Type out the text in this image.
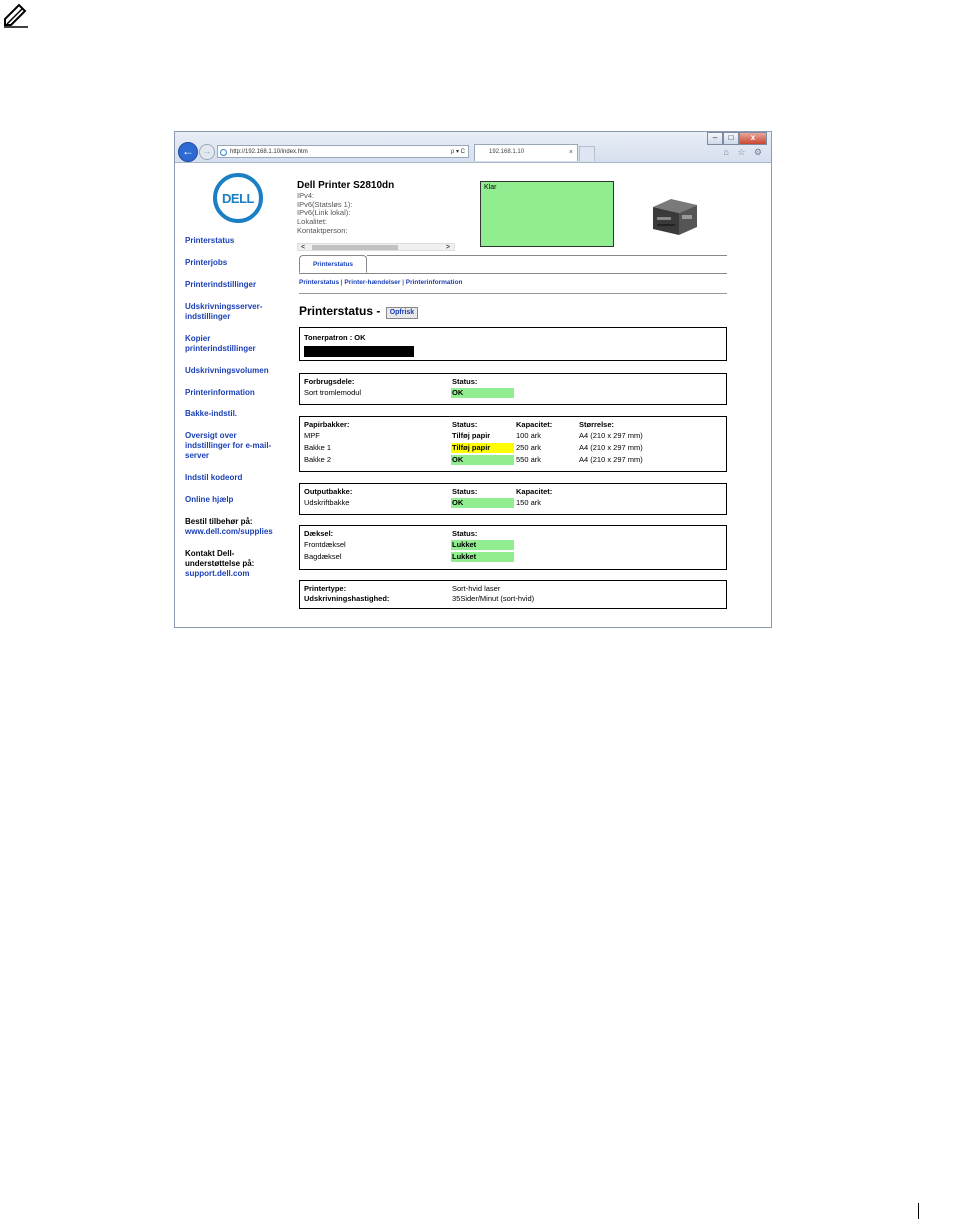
–	□	x
← →	http://192.168.1.10/index.htm	ρ ▾ C	192.168.1.10	×	⌂ ☆ ⚙
DELL
Printerstatus
Printerjobs
Printerindstillinger
Udskrivningsserver-
indstillinger
Kopier
printerindstillinger
Udskrivningsvolumen
Printerinformation
Bakke-indstil.
Oversigt over
indstillinger for e-mail-
server
Indstil kodeord
Online hjælp
Bestil tilbehør på:
www.dell.com/supplies
Kontakt Dell-
understøttelse på:
support.dell.com
Dell Printer S2810dn
IPv4:
IPv6(Statsløs 1):
IPv6(Link lokal):
Lokalitet:
Kontaktperson:
<	>
Klar
Printerstatus
Printerstatus | Printer-hændelser | Printerinformation
Printerstatus - Opfrisk
Tonerpatron : OK
Forbrugsdele:	Status:
Sort tromlemodul	OK
Papirbakker:	Status:	Kapacitet:	Størrelse:
MPF	Tilføj papir	100 ark	A4 (210 x 297 mm)
Bakke 1	Tilføj papir	250 ark	A4 (210 x 297 mm)
Bakke 2	OK	550 ark	A4 (210 x 297 mm)
Outputbakke:	Status:	Kapacitet:
Udskriftbakke	OK	150 ark
Dæksel:	Status:
Frontdæksel	Lukket
Bagdæksel	Lukket
Printertype:	Sort-hvid laser
Udskrivningshastighed:	35Sider/Minut (sort-hvid)
